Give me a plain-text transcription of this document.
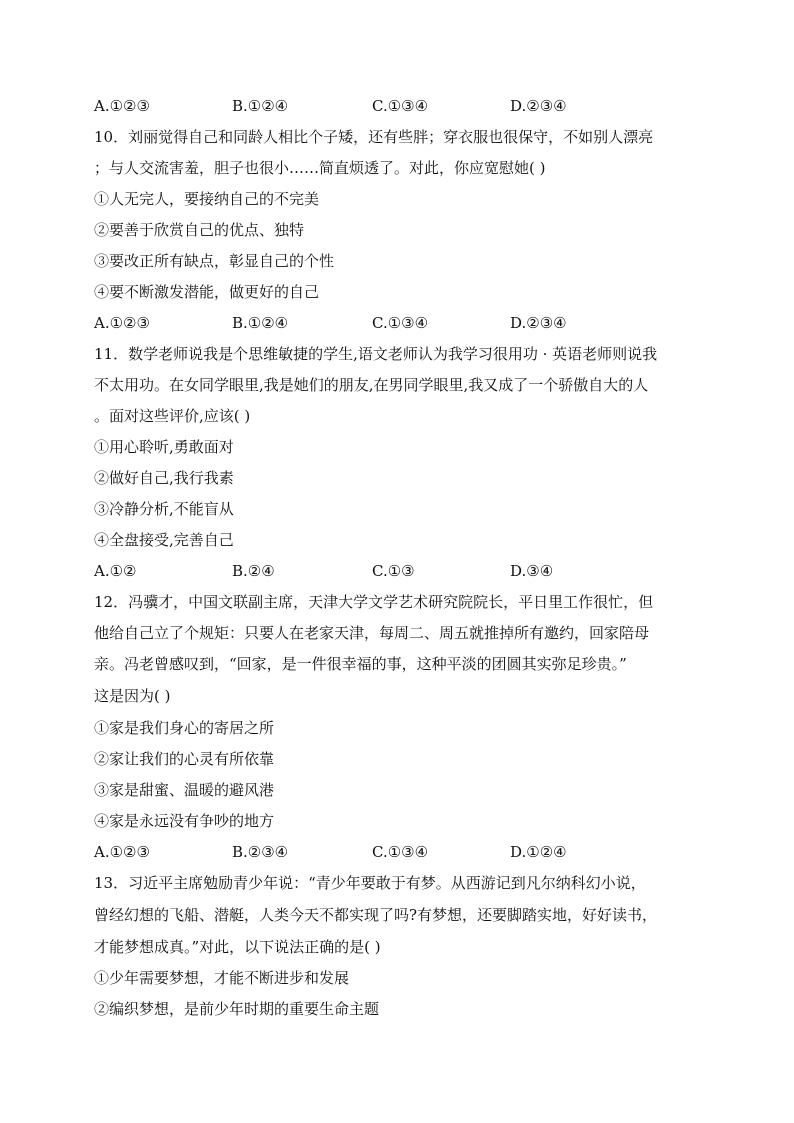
A.①②③	B.①②④	C.①③④	D.②③④
10．刘丽觉得自己和同龄人相比个子矮，还有些胖；穿衣服也很保守，不如别人漂亮
；与人交流害羞，胆子也很小……简直烦透了。对此，你应宽慰她( )
①人无完人，要接纳自己的不完美
②要善于欣赏自己的优点、独特
③要改正所有缺点，彰显自己的个性
④要不断激发潜能，做更好的自己
A.①②③	B.①②④	C.①③④	D.②③④
11．数学老师说我是个思维敏捷的学生,语文老师认为我学习很用功 · 英语老师则说我
不太用功。在女同学眼里,我是她们的朋友,在男同学眼里,我又成了一个骄傲自大的人
。面对这些评价,应该( )
①用心聆听,勇敢面对
②做好自己,我行我素
③冷静分析,不能盲从
④全盘接受,完善自己
A.①②	B.②④	C.①③	D.③④
12．冯骥才，中国文联副主席，天津大学文学艺术研究院院长，平日里工作很忙，但
他给自己立了个规矩：只要人在老家天津，每周二、周五就推掉所有邀约，回家陪母
亲。冯老曾感叹到，“回家，是一件很幸福的事，这种平淡的团圆其实弥足珍贵。”
这是因为( )
①家是我们身心的寄居之所
②家让我们的心灵有所依靠
③家是甜蜜、温暖的避风港
④家是永远没有争吵的地方
A.①②③	B.②③④	C.①③④	D.①②④
13．习近平主席勉励青少年说：“青少年要敢于有梦。从西游记到凡尔纳科幻小说，
曾经幻想的飞船、潜艇，人类今天不都实现了吗?有梦想，还要脚踏实地，好好读书，
才能梦想成真。”对此，以下说法正确的是( )
①少年需要梦想，才能不断进步和发展
②编织梦想，是前少年时期的重要生命主题
